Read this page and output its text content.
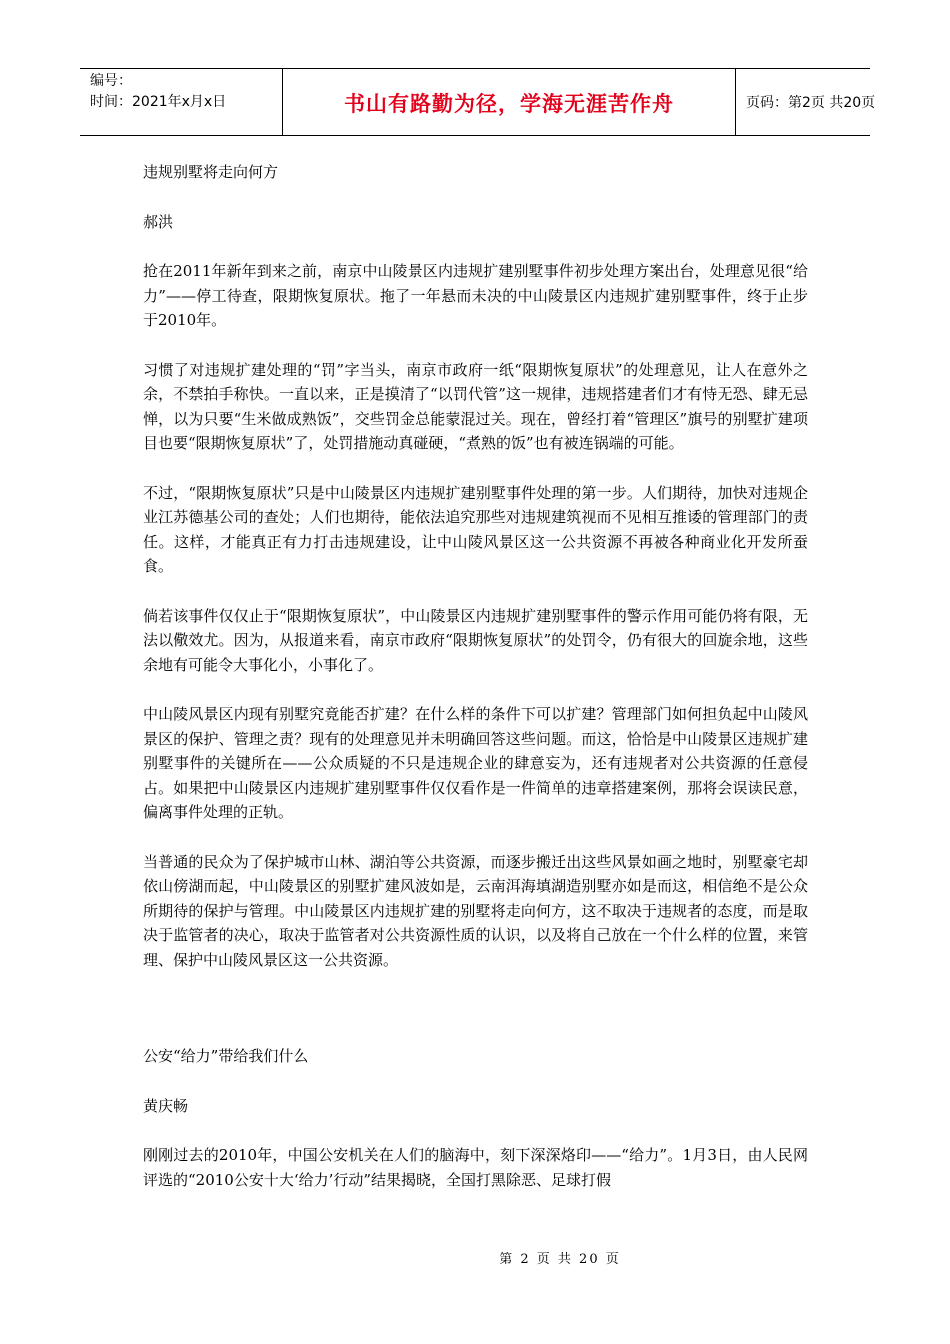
编号：
时间：2021年x月x日	书山有路勤为径，学海无涯苦作舟	页码：第2页 共20页

违规别墅将走向何方

郝洪

抢在2011年新年到来之前，南京中山陵景区内违规扩建别墅事件初步处理方案出台，处理意见很“给力”——停工待查，限期恢复原状。拖了一年悬而未决的中山陵景区内违规扩建别墅事件，终于止步于2010年。

习惯了对违规扩建处理的“罚”字当头，南京市政府一纸“限期恢复原状”的处理意见，让人在意外之余，不禁拍手称快。一直以来，正是摸清了“以罚代管”这一规律，违规搭建者们才有恃无恐、肆无忌惮，以为只要“生米做成熟饭”，交些罚金总能蒙混过关。现在，曾经打着“管理区”旗号的别墅扩建项目也要“限期恢复原状”了，处罚措施动真碰硬，“煮熟的饭”也有被连锅端的可能。

不过，“限期恢复原状”只是中山陵景区内违规扩建别墅事件处理的第一步。人们期待，加快对违规企业江苏德基公司的查处；人们也期待，能依法追究那些对违规建筑视而不见相互推诿的管理部门的责任。这样，才能真正有力打击违规建设，让中山陵风景区这一公共资源不再被各种商业化开发所蚕食。

倘若该事件仅仅止于“限期恢复原状”，中山陵景区内违规扩建别墅事件的警示作用可能仍将有限，无法以儆效尤。因为，从报道来看，南京市政府“限期恢复原状”的处罚令，仍有很大的回旋余地，这些余地有可能令大事化小，小事化了。

中山陵风景区内现有别墅究竟能否扩建？在什么样的条件下可以扩建？管理部门如何担负起中山陵风景区的保护、管理之责？现有的处理意见并未明确回答这些问题。而这，恰恰是中山陵景区违规扩建别墅事件的关键所在——公众质疑的不只是违规企业的肆意妄为，还有违规者对公共资源的任意侵占。如果把中山陵景区内违规扩建别墅事件仅仅看作是一件简单的违章搭建案例，那将会误读民意，偏离事件处理的正轨。

当普通的民众为了保护城市山林、湖泊等公共资源，而逐步搬迁出这些风景如画之地时，别墅豪宅却依山傍湖而起，中山陵景区的别墅扩建风波如是，云南洱海填湖造别墅亦如是而这，相信绝不是公众所期待的保护与管理。中山陵景区内违规扩建的别墅将走向何方，这不取决于违规者的态度，而是取决于监管者的决心，取决于监管者对公共资源性质的认识，以及将自己放在一个什么样的位置，来管理、保护中山陵风景区这一公共资源。

公安“给力”带给我们什么

黄庆畅

刚刚过去的2010年，中国公安机关在人们的脑海中，刻下深深烙印——“给力”。1月3日，由人民网评选的“2010公安十大‘给力’行动”结果揭晓，全国打黑除恶、足球打假

第 2 页 共 20 页
